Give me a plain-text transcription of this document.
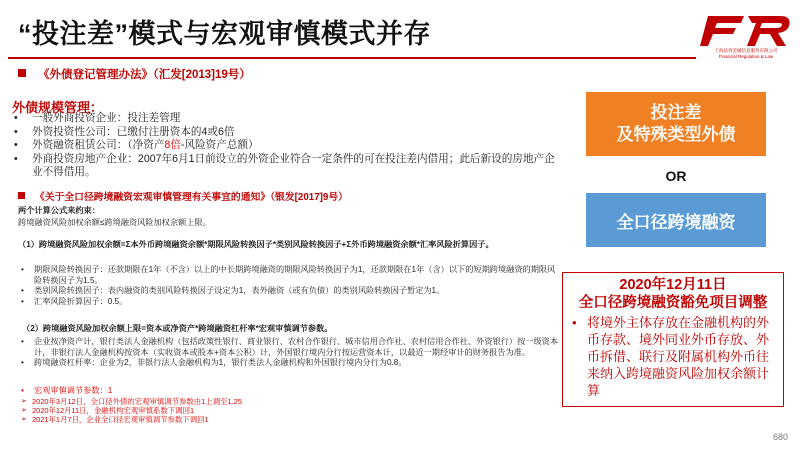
“投注差”模式与宏观审慎模式并存
上海法询金融信息服务有限公司
Financial Regulation & Law
《外债登记管理办法》（汇发[2013]19号）
外债规模管理：
• 一般外商投资企业：投注差管理
• 外资投资性公司：已缴付注册资本的4或6倍
• 外资融资租赁公司：（净资产8倍-风险资产总额）
• 外商投资房地产企业：2007年6月1日前设立的外资企业符合一定条件的可在投注差内借用；此后新设的房地产企业不得借用。
《关于全口径跨境融资宏观审慎管理有关事宜的通知》（银发[2017]9号）
两个计算公式来约束：
跨境融资风险加权余额≤跨境融资风险加权余额上限。
（1）跨境融资风险加权余额=Σ本外币跨境融资余额*期限风险转换因子*类别风险转换因子+Σ外币跨境融资余额*汇率风险折算因子。
• 期限风险转换因子：还款期限在1年（不含）以上的中长期跨境融资的期限风险转换因子为1，还款期限在1年（含）以下的短期跨境融资的期限风险转换因子为1.5。
• 类别风险转换因子：表内融资的类别风险转换因子设定为1，表外融资（或有负债）的类别风险转换因子暂定为1。
• 汇率风险折算因子：0.5。
（2）跨境融资风险加权余额上限=资本或净资产*跨境融资杠杆率*宏观审慎调节参数。
• 企业按净资产计，银行类法人金融机构（包括政策性银行、商业银行、农村合作银行、城市信用合作社、农村信用合作社、外资银行）按一级资本计，非银行法人金融机构按资本（实收资本或股本+资本公积）计，外国银行境内分行按运营资本计，以最近一期经审计的财务报告为准。
• 跨境融资杠杆率：企业为2，非银行法人金融机构为1，银行类法人金融机构和外国银行境内分行为0.8。
• 宏观审慎调节参数：1
➢ 2020年3月12日，全口径外债的宏观审慎调节参数由1上调至1.25
➢ 2020年12月11日，金融机构宏观审慎系数下调回1
➢ 2021年1月7日，企业全口径宏观审慎调节参数下调回1
投注差
及特殊类型外债
OR
全口径跨境融资
2020年12月11日
全口径跨境融资豁免项目调整
• 将境外主体存放在金融机构的外币存款、境外同业外币存放、外币拆借、联行及附属机构外币往来纳入跨境融资风险加权余额计算
680
